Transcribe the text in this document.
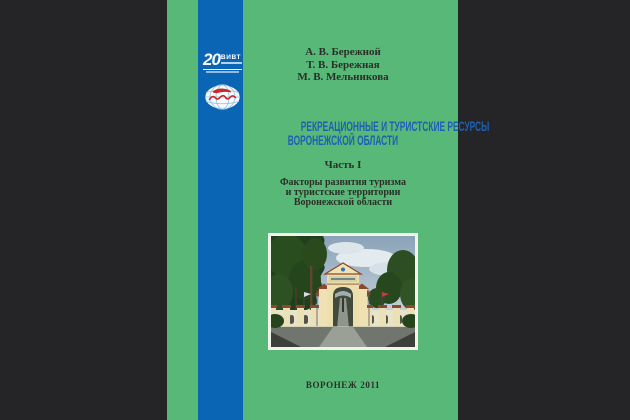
20 ВИВТ	А. В. Бережной
Т. В. Бережная
М. В. Мельникова
РЕКРЕАЦИОННЫЕ И ТУРИСТСКИЕ РЕСУРСЫ
ВОРОНЕЖСКОЙ ОБЛАСТИ
Часть I
Факторы развития туризма
и туристские территории
Воронежской области
ВОРОНЕЖ 2011
